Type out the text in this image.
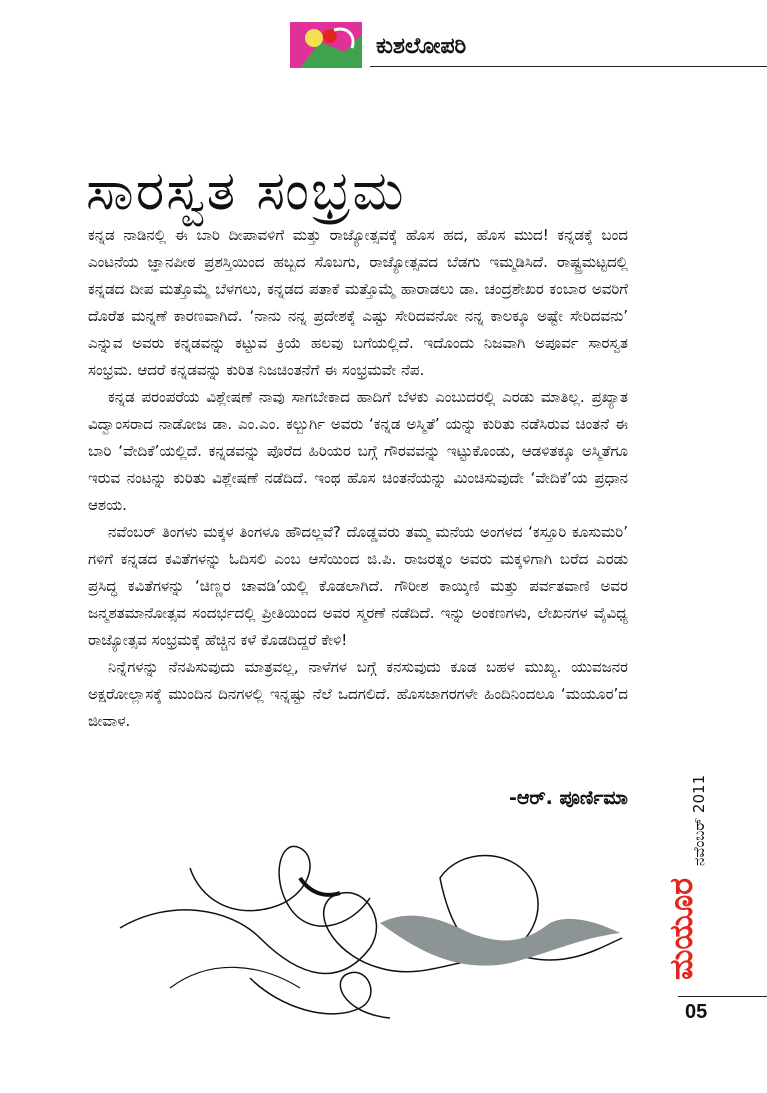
ಕುಶಲೋಪರಿ
ಸಾರಸ್ವತ ಸಂಭ್ರಮ

ಕನ್ನಡ ನಾಡಿನಲ್ಲಿ ಈ ಬಾರಿ ದೀಪಾವಳಿಗೆ ಮತ್ತು ರಾಜ್ಯೋತ್ಸವಕ್ಕೆ ಹೊಸ ಹದ, ಹೊಸ ಮುದ! ಕನ್ನಡಕ್ಕೆ ಬಂದ ಎಂಟನೆಯ ಜ್ಞಾನಪೀಠ ಪ್ರಶಸ್ತಿಯಿಂದ ಹಬ್ಬದ ಸೊಬಗು, ರಾಜ್ಯೋತ್ಸವದ ಬೆಡಗು ಇಮ್ಮಡಿಸಿದೆ. ರಾಷ್ಟ್ರಮಟ್ಟದಲ್ಲಿ ಕನ್ನಡದ ದೀಪ ಮತ್ತೊಮ್ಮೆ ಬೆಳಗಲು, ಕನ್ನಡದ ಪತಾಕೆ ಮತ್ತೊಮ್ಮೆ ಹಾರಾಡಲು ಡಾ. ಚಂದ್ರಶೇಖರ ಕಂಬಾರ ಅವರಿಗೆ ದೊರೆತ ಮನ್ನಣೆ ಕಾರಣವಾಗಿದೆ. ‘ನಾನು ನನ್ನ ಪ್ರದೇಶಕ್ಕೆ ಎಷ್ಟು ಸೇರಿದವನೋ ನನ್ನ ಕಾಲಕ್ಕೂ ಅಷ್ಟೇ ಸೇರಿದವನು’ ಎನ್ನುವ ಅವರು ಕನ್ನಡವನ್ನು ಕಟ್ಟುವ ಕ್ರಿಯೆ ಹಲವು ಬಗೆಯಲ್ಲಿದೆ. ಇದೊಂದು ನಿಜವಾಗಿ ಅಪೂರ್ವ ಸಾರಸ್ವತ ಸಂಭ್ರಮ. ಆದರೆ ಕನ್ನಡವನ್ನು ಕುರಿತ ನಿಜಚಿಂತನೆಗೆ ಈ ಸಂಭ್ರಮವೇ ನೆಪ.

ಕನ್ನಡ ಪರಂಪರೆಯ ವಿಶ್ಲೇಷಣೆ ನಾವು ಸಾಗಬೇಕಾದ ಹಾದಿಗೆ ಬೆಳಕು ಎಂಬುದರಲ್ಲಿ ಎರಡು ಮಾತಿಲ್ಲ. ಪ್ರಖ್ಯಾತ ವಿದ್ವಾಂಸರಾದ ನಾಡೋಜ ಡಾ. ಎಂ.ಎಂ. ಕಲ್ಬುರ್ಗಿ ಅವರು ‘ಕನ್ನಡ ಅಸ್ಮಿತೆ’ ಯನ್ನು ಕುರಿತು ನಡೆಸಿರುವ ಚಿಂತನೆ ಈ ಬಾರಿ ‘ವೇದಿಕೆ’ಯಲ್ಲಿದೆ. ಕನ್ನಡವನ್ನು ಪೊರೆದ ಹಿರಿಯರ ಬಗ್ಗೆ ಗೌರವವನ್ನು ಇಟ್ಟುಕೊಂಡು, ಆಡಳಿತಕ್ಕೂ ಅಸ್ಮಿತೆಗೂ ಇರುವ ನಂಟನ್ನು ಕುರಿತು ವಿಶ್ಲೇಷಣೆ ನಡೆದಿದೆ. ಇಂಥ ಹೊಸ ಚಿಂತನೆಯನ್ನು ಮಿಂಚಿಸುವುದೇ ‘ವೇದಿಕೆ’ಯ ಪ್ರಧಾನ ಆಶಯ.

ನವೆಂಬರ್ ತಿಂಗಳು ಮಕ್ಕಳ ತಿಂಗಳೂ ಹೌದಲ್ಲವೆ? ದೊಡ್ಡವರು ತಮ್ಮ ಮನೆಯ ಅಂಗಳದ ‘ಕಸ್ತೂರಿ ಕೂಸುಮರಿ’ ಗಳಿಗೆ ಕನ್ನಡದ ಕವಿತೆಗಳನ್ನು ಓದಿಸಲಿ ಎಂಬ ಆಸೆಯಿಂದ ಜಿ.ಪಿ. ರಾಜರತ್ನಂ ಅವರು ಮಕ್ಕಳಿಗಾಗಿ ಬರೆದ ಎರಡು ಪ್ರಸಿದ್ಧ ಕವಿತೆಗಳನ್ನು ‘ಚಿಣ್ಣರ ಚಾವಡಿ’ಯಲ್ಲಿ ಕೊಡಲಾಗಿದೆ. ಗೌರೀಶ ಕಾಯ್ಕಿಣಿ ಮತ್ತು ಪರ್ವತವಾಣಿ ಅವರ ಜನ್ಮಶತಮಾನೋತ್ಸವ ಸಂದರ್ಭದಲ್ಲಿ ಪ್ರೀತಿಯಿಂದ ಅವರ ಸ್ಮರಣೆ ನಡೆದಿದೆ. ಇನ್ನು ಅಂಕಣಗಳು, ಲೇಖನಗಳ ವೈವಿಧ್ಯ ರಾಜ್ಯೋತ್ಸವ ಸಂಭ್ರಮಕ್ಕೆ ಹೆಚ್ಚಿನ ಕಳೆ ಕೊಡದಿದ್ದರೆ ಕೇಳಿ!

ನಿನ್ನೆಗಳನ್ನು ನೆನಪಿಸುವುದು ಮಾತ್ರವಲ್ಲ, ನಾಳೆಗಳ ಬಗ್ಗೆ ಕನಸುವುದು ಕೂಡ ಬಹಳ ಮುಖ್ಯ. ಯುವಜನರ ಅಕ್ಷರೋಲ್ಲಾಸಕ್ಕೆ ಮುಂದಿನ ದಿನಗಳಲ್ಲಿ ಇನ್ನಷ್ಟು ನೆಲೆ ಒದಗಲಿದೆ. ಹೊಸಜಾಗರಗಳೇ ಹಿಂದಿನಿಂದಲೂ ‘ಮಯೂರ’ದ ಜೀವಾಳ.

-ಆರ್. ಪೂರ್ಣಿಮಾ	ನವೆಂಬರ್ 2011
ಮಯೂರ
05
